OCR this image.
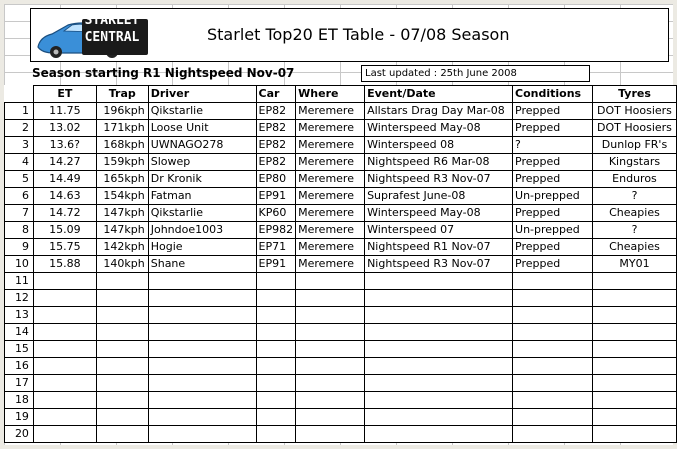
STARLET
CENTRAL	Starlet Top20 ET Table - 07/08 Season
Season starting R1 Nightspeed Nov-07	Last updated : 25th June 2008
	ET	Trap	Driver	Car	Where	Event/Date	Conditions	Tyres
1	11.75	196kph	Qikstarlie	EP82	Meremere	Allstars Drag Day Mar-08	Prepped	DOT Hoosiers
2	13.02	171kph	Loose Unit	EP82	Meremere	Winterspeed May-08	Prepped	DOT Hoosiers
3	13.6?	168kph	UWNAGO278	EP82	Meremere	Winterspeed 08	?	Dunlop FR's
4	14.27	159kph	Slowep	EP82	Meremere	Nightspeed R6 Mar-08	Prepped	Kingstars
5	14.49	165kph	Dr Kronik	EP80	Meremere	Nightspeed R3 Nov-07	Prepped	Enduros
6	14.63	154kph	Fatman	EP91	Meremere	Suprafest June-08	Un-prepped	?
7	14.72	147kph	Qikstarlie	KP60	Meremere	Winterspeed May-08	Prepped	Cheapies
8	15.09	147kph	Johndoe1003	EP982	Meremere	Winterspeed 07	Un-prepped	?
9	15.75	142kph	Hogie	EP71	Meremere	Nightspeed R1 Nov-07	Prepped	Cheapies
10	15.88	140kph	Shane	EP91	Meremere	Nightspeed R3 Nov-07	Prepped	MY01
11								
12								
13								
14								
15								
16								
17								
18								
19								
20								
